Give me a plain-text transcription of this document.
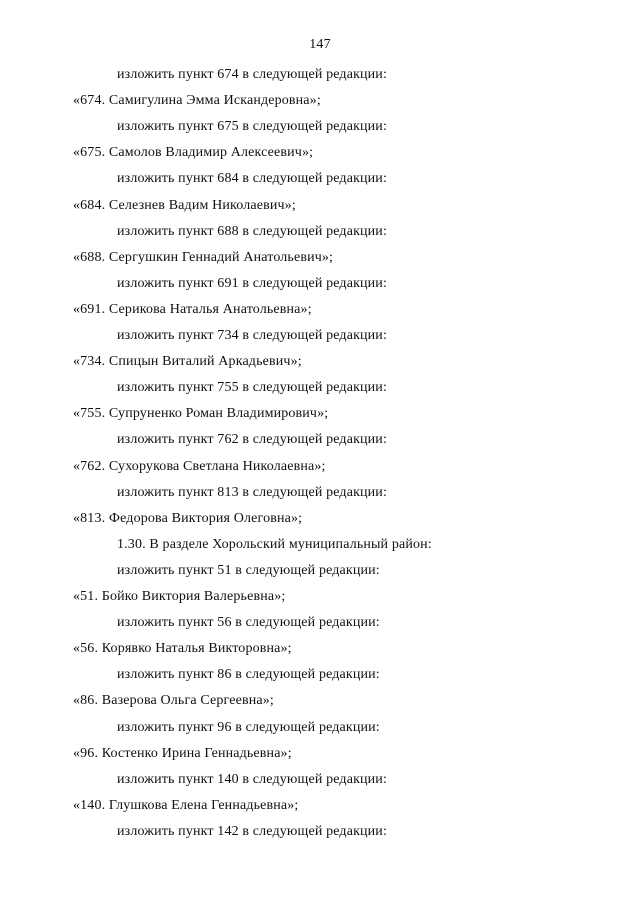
147
изложить пункт 674 в следующей редакции:
«674. Самигулина Эмма Искандеровна»;
изложить пункт 675 в следующей редакции:
«675. Самолов Владимир Алексеевич»;
изложить пункт 684 в следующей редакции:
«684. Селезнев Вадим Николаевич»;
изложить пункт 688 в следующей редакции:
«688. Сергушкин Геннадий Анатольевич»;
изложить пункт 691 в следующей редакции:
«691. Серикова Наталья Анатольевна»;
изложить пункт 734 в следующей редакции:
«734. Спицын Виталий Аркадьевич»;
изложить пункт 755 в следующей редакции:
«755. Супруненко Роман Владимирович»;
изложить пункт 762 в следующей редакции:
«762. Сухорукова Светлана Николаевна»;
изложить пункт 813 в следующей редакции:
«813. Федорова Виктория Олеговна»;
1.30. В разделе Хорольский муниципальный район:
изложить пункт 51 в следующей редакции:
«51. Бойко Виктория Валерьевна»;
изложить пункт 56 в следующей редакции:
«56. Корявко Наталья Викторовна»;
изложить пункт 86 в следующей редакции:
«86. Вазерова Ольга Сергеевна»;
изложить пункт 96 в следующей редакции:
«96. Костенко Ирина Геннадьевна»;
изложить пункт 140 в следующей редакции:
«140. Глушкова Елена Геннадьевна»;
изложить пункт 142 в следующей редакции:
